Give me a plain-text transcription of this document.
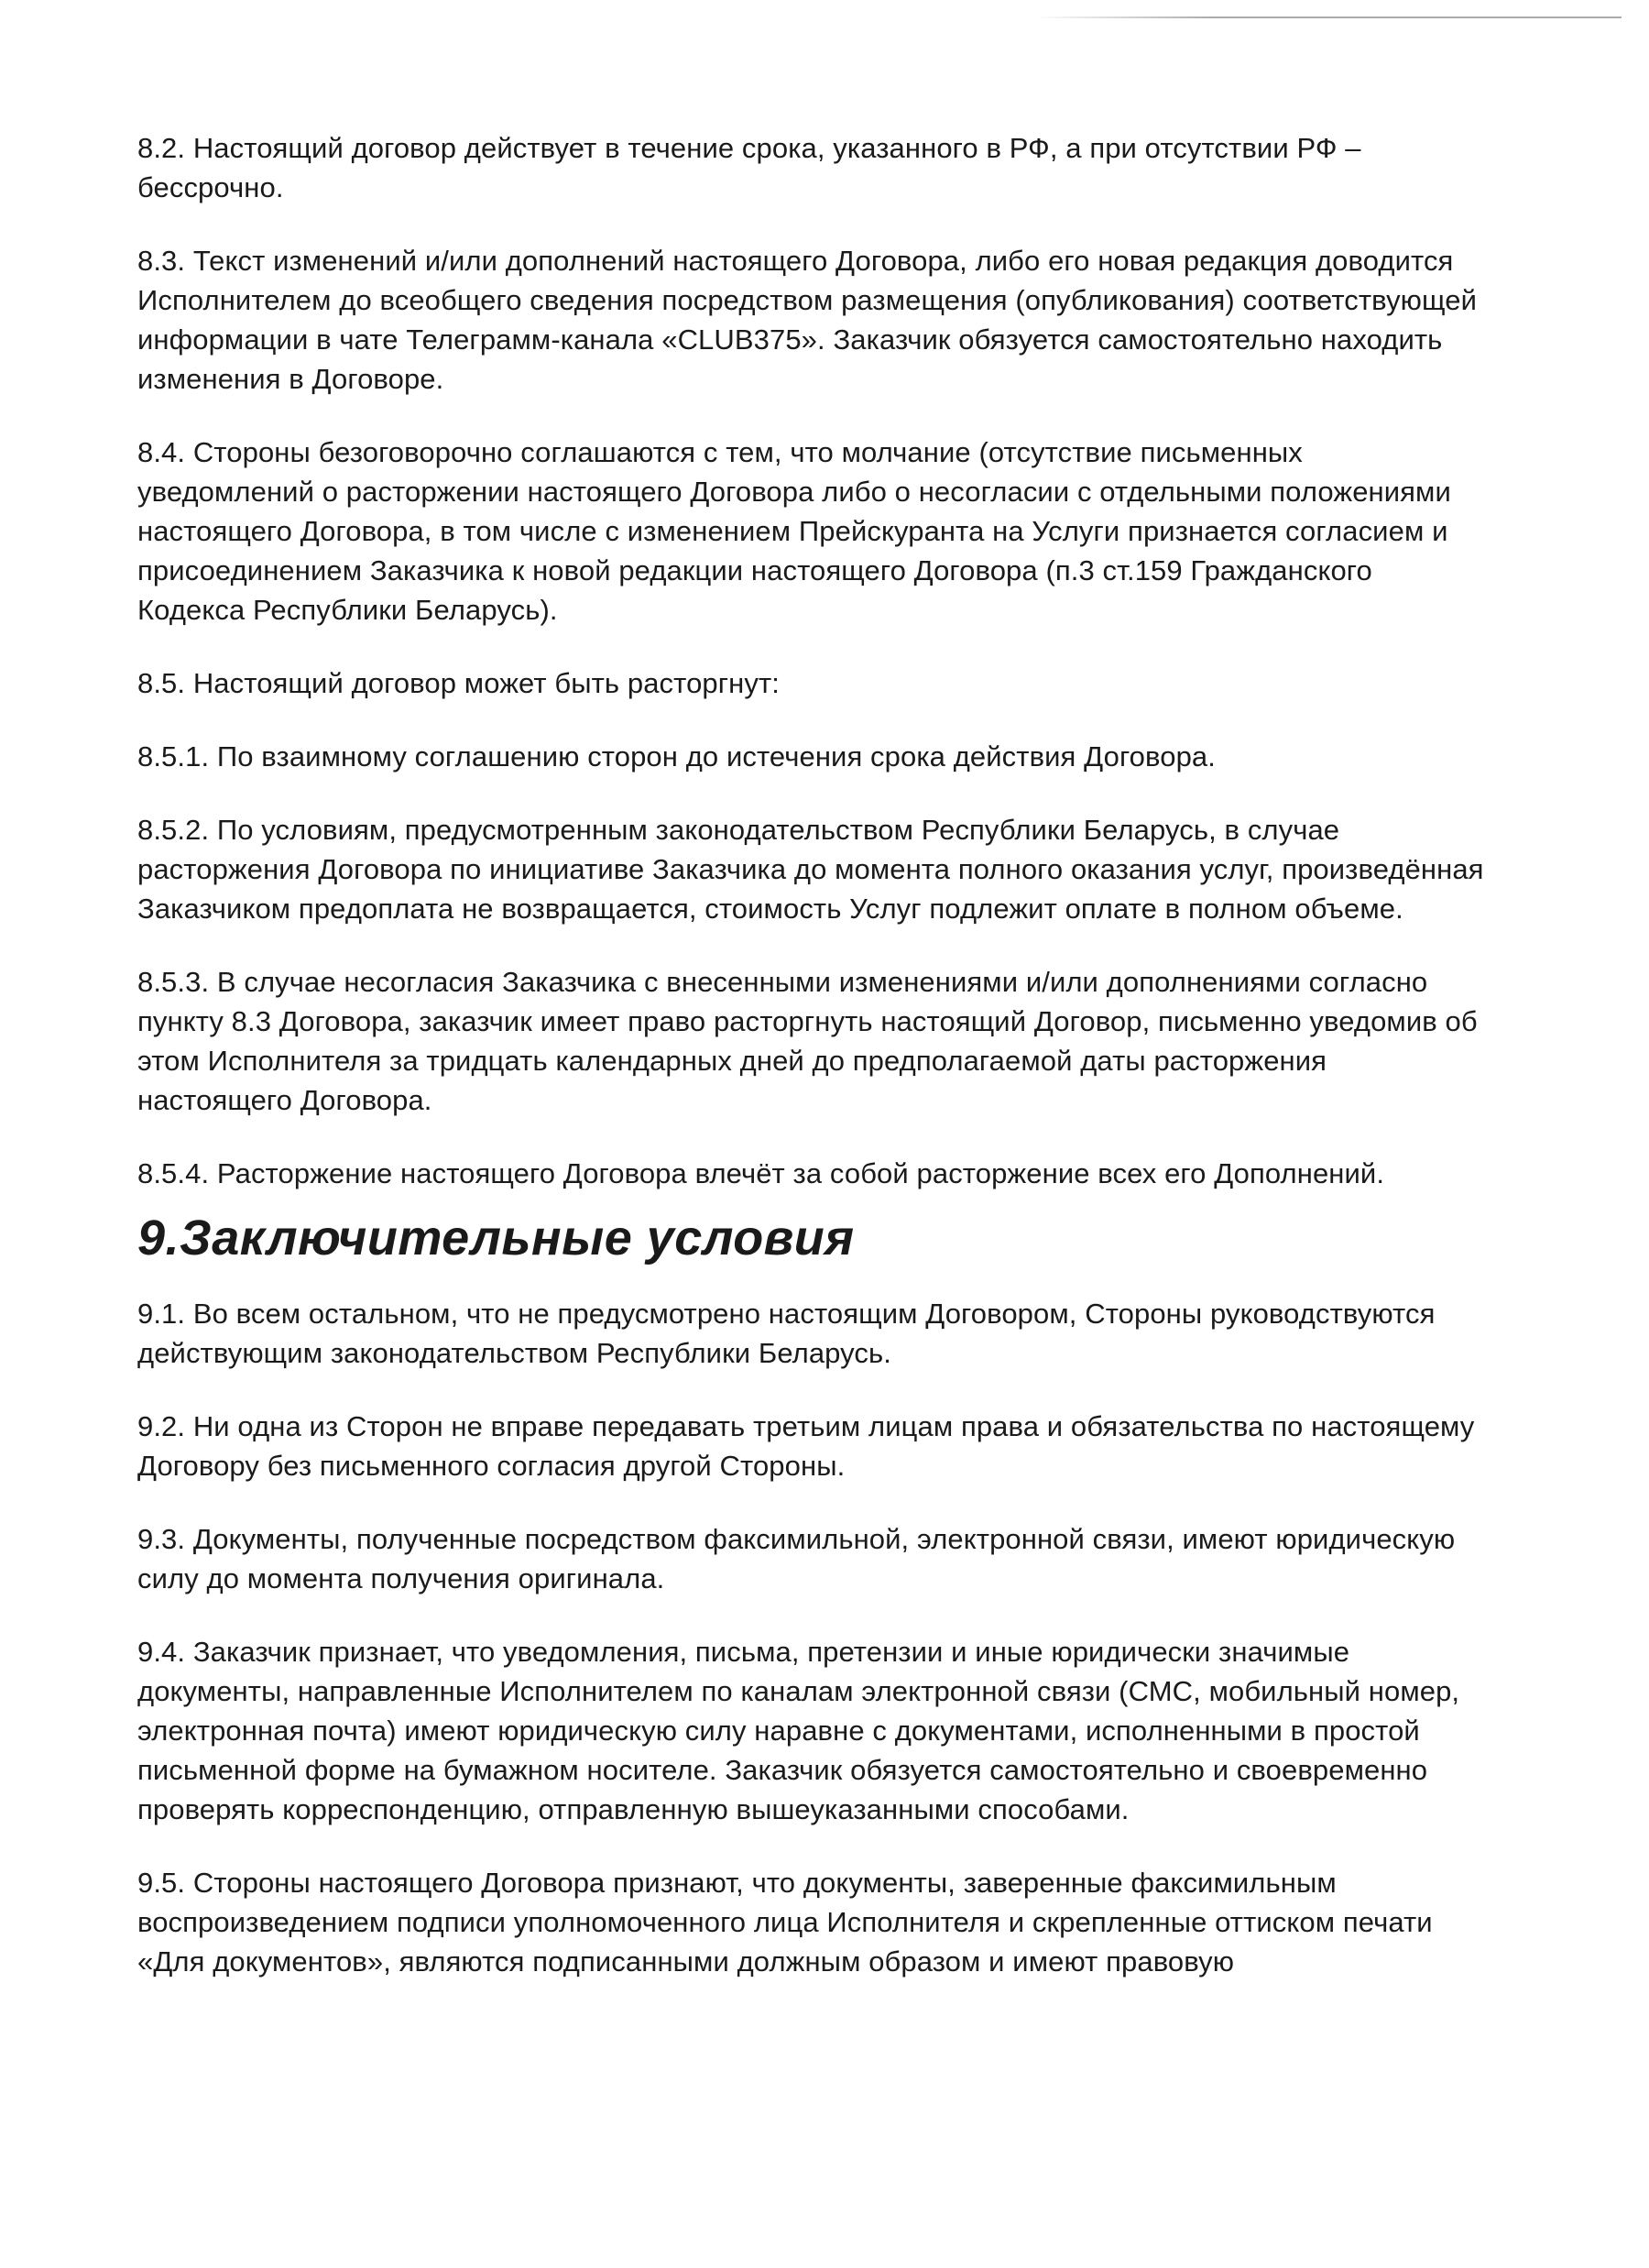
8.2. Настоящий договор действует в течение срока, указанного в РФ, а при отсутствии РФ – бессрочно.

8.3. Текст изменений и/или дополнений настоящего Договора, либо его новая редакция доводится Исполнителем до всеобщего сведения посредством размещения (опубликования) соответствующей информации в чате Телеграмм-канала «CLUB375». Заказчик обязуется самостоятельно находить изменения в Договоре.

8.4. Стороны безоговорочно соглашаются с тем, что молчание (отсутствие письменных уведомлений о расторжении настоящего Договора либо о несогласии с отдельными положениями настоящего Договора, в том числе с изменением Прейскуранта на Услуги признается согласием и присоединением Заказчика к новой редакции настоящего Договора (п.3 ст.159 Гражданского Кодекса Республики Беларусь).

8.5. Настоящий договор может быть расторгнут:

8.5.1. По взаимному соглашению сторон до истечения срока действия Договора.

8.5.2. По условиям, предусмотренным законодательством Республики Беларусь, в случае расторжения Договора по инициативе Заказчика до момента полного оказания услуг, произведённая Заказчиком предоплата не возвращается, стоимость Услуг подлежит оплате в полном объеме.

8.5.3. В случае несогласия Заказчика с внесенными изменениями и/или дополнениями согласно пункту 8.3 Договора, заказчик имеет право расторгнуть настоящий Договор, письменно уведомив об этом Исполнителя за тридцать календарных дней до предполагаемой даты расторжения настоящего Договора.

8.5.4. Расторжение настоящего Договора влечёт за собой расторжение всех его Дополнений.

9.Заключительные условия

9.1. Во всем остальном, что не предусмотрено настоящим Договором, Стороны руководствуются действующим законодательством Республики Беларусь.

9.2. Ни одна из Сторон не вправе передавать третьим лицам права и обязательства по настоящему Договору без письменного согласия другой Стороны.

9.3. Документы, полученные посредством факсимильной, электронной связи, имеют юридическую силу до момента получения оригинала.

9.4. Заказчик признает, что уведомления, письма, претензии и иные юридически значимые документы, направленные Исполнителем по каналам электронной связи (СМС, мобильный номер, электронная почта) имеют юридическую силу наравне с документами, исполненными в простой письменной форме на бумажном носителе. Заказчик обязуется самостоятельно и своевременно проверять корреспонденцию, отправленную вышеуказанными способами.

9.5. Стороны настоящего Договора признают, что документы, заверенные факсимильным воспроизведением подписи уполномоченного лица Исполнителя и скрепленные оттиском печати «Для документов», являются подписанными должным образом и имеют правовую
